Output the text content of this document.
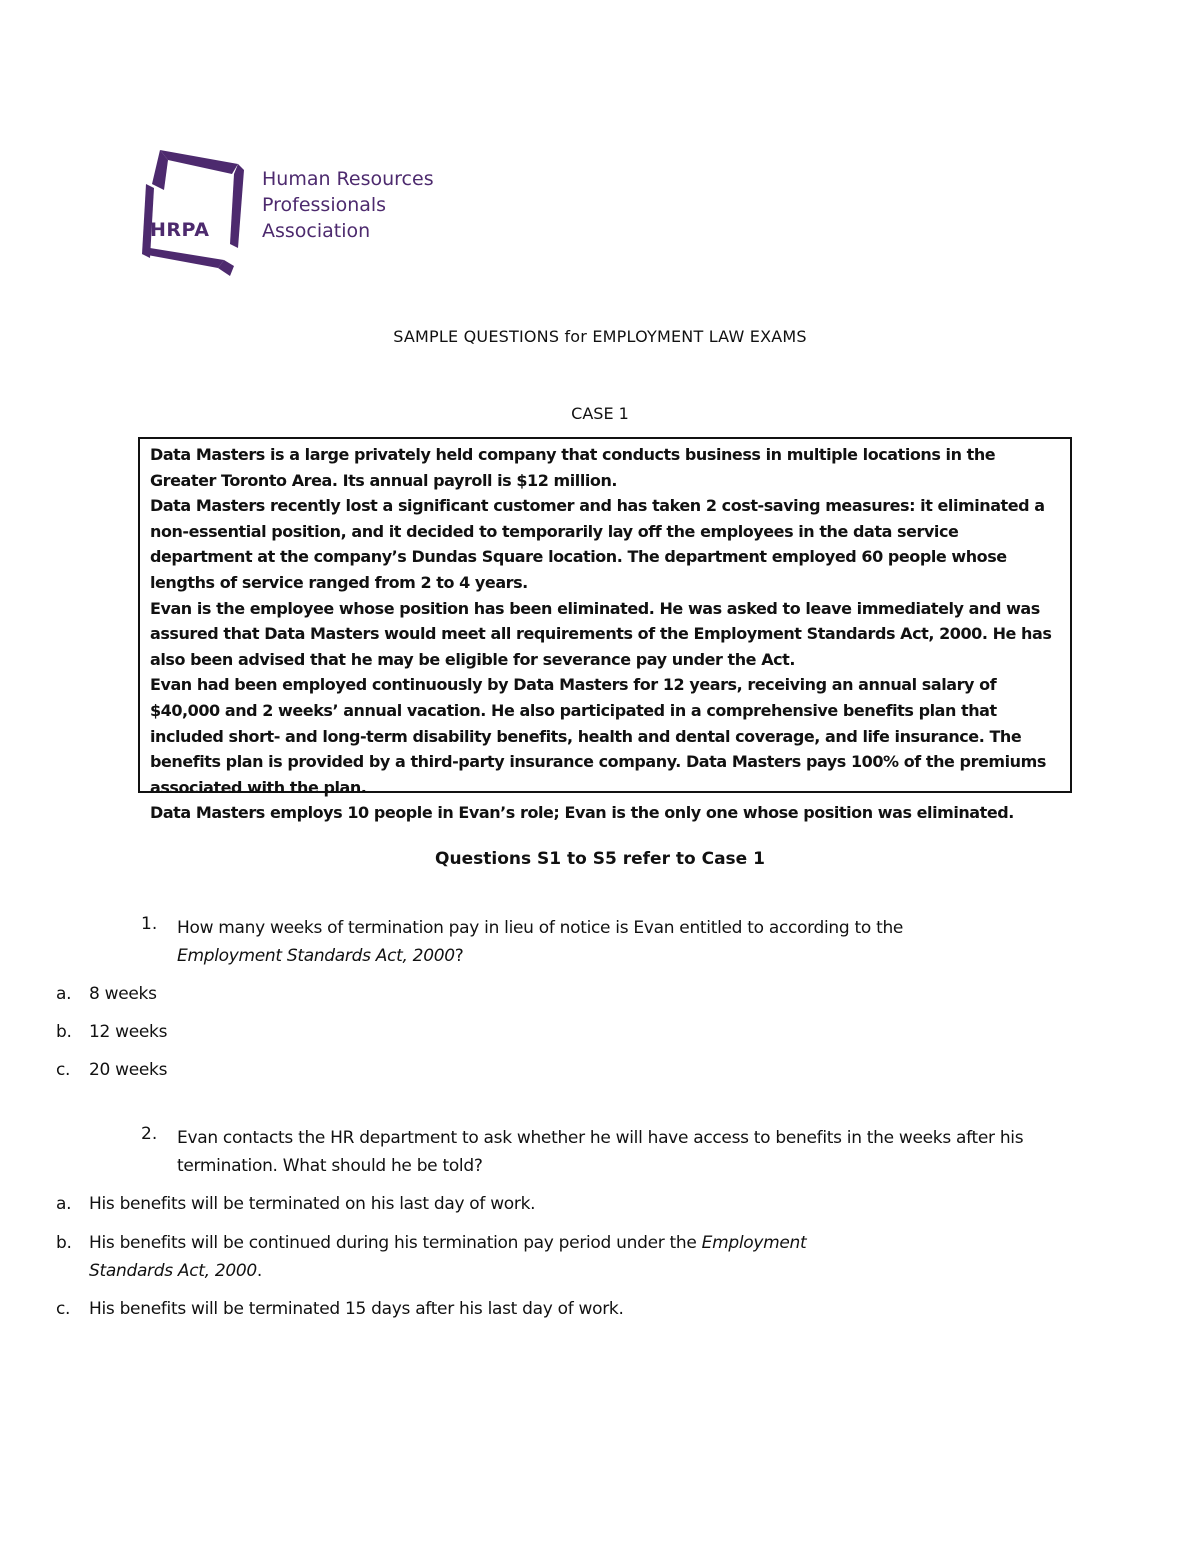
HRPA
Human Resources
Professionals
Association
SAMPLE QUESTIONS for EMPLOYMENT LAW EXAMS
CASE 1

Data Masters is a large privately held company that conducts business in multiple locations in the Greater Toronto Area. Its annual payroll is $12 million.

Data Masters recently lost a significant customer and has taken 2 cost-saving measures: it eliminated a non-essential position, and it decided to temporarily lay off the employees in the data service department at the company’s Dundas Square location. The department employed 60 people whose lengths of service ranged from 2 to 4 years.

Evan is the employee whose position has been eliminated. He was asked to leave immediately and was assured that Data Masters would meet all requirements of the Employment Standards Act, 2000. He has also been advised that he may be eligible for severance pay under the Act.

Evan had been employed continuously by Data Masters for 12 years, receiving an annual salary of $40,000 and 2 weeks’ annual vacation. He also participated in a comprehensive benefits plan that included short- and long-term disability benefits, health and dental coverage, and life insurance. The benefits plan is provided by a third-party insurance company. Data Masters pays 100% of the premiums associated with the plan.

Data Masters employs 10 people in Evan’s role; Evan is the only one whose position was eliminated.

Questions S1 to S5 refer to Case 1
1.	How many weeks of termination pay in lieu of notice is Evan entitled to according to the
Employment Standards Act, 2000?
a.	8 weeks
b.	12 weeks
c.	20 weeks
2.	Evan contacts the HR department to ask whether he will have access to benefits in the weeks after his termination. What should he be told?
a.	His benefits will be terminated on his last day of work.
b.	His benefits will be continued during his termination pay period under the Employment Standards Act, 2000.
c.	His benefits will be terminated 15 days after his last day of work.
